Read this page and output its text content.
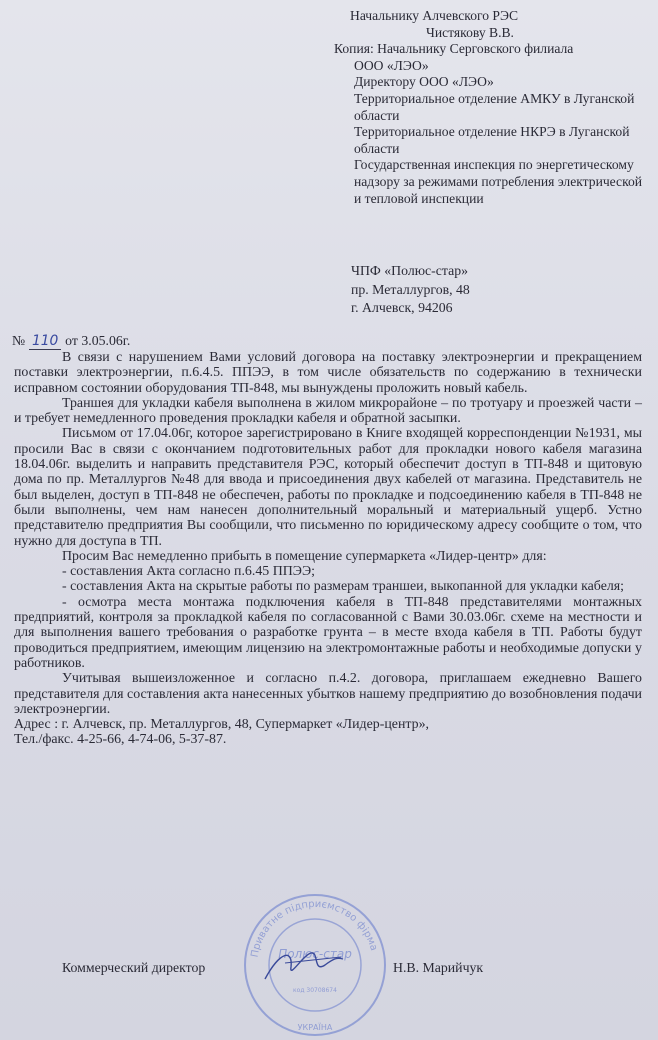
Начальнику Алчевского РЭС
Чистякову В.В.
Копия: Начальнику Серговского филиала
ООО «ЛЭО»
Директору ООО «ЛЭО»
Территориальное отделение АМКУ в Луганской области
Территориальное отделение НКРЭ в Луганской области
Государственная инспекция по энергетическому надзору за режимами потребления электрической и тепловой инспекции
ЧПФ «Полюс-стар»
пр. Металлургов, 48
г. Алчевск, 94206
№ 110 от 3.05.06г.

В связи с нарушением Вами условий договора на поставку электроэнергии и прекращением поставки электроэнергии, п.6.4.5. ППЭЭ, в том числе обязательств по содержанию в технически исправном состоянии оборудования ТП-848, мы вынуждены проложить новый кабель.

Траншея для укладки кабеля выполнена в жилом микрорайоне – по тротуару и проезжей части – и требует немедленного проведения прокладки кабеля и обратной засыпки.

Письмом от 17.04.06г, которое зарегистрировано в Книге входящей корреспонденции №1931, мы просили Вас в связи с окончанием подготовительных работ для прокладки нового кабеля магазина 18.04.06г. выделить и направить представителя РЭС, который обеспечит доступ в ТП-848 и щитовую дома по пр. Металлургов №48 для ввода и присоединения двух кабелей от магазина. Представитель не был выделен, доступ в ТП-848 не обеспечен, работы по прокладке и подсоединению кабеля в ТП-848 не были выполнены, чем нам нанесен дополнительный моральный и материальный ущерб. Устно представителю предприятия Вы сообщили, что письменно по юридическому адресу сообщите о том, что нужно для доступа в ТП.

Просим Вас немедленно прибыть в помещение супермаркета «Лидер-центр» для:

- составления Акта согласно п.6.45 ППЭЭ;

- составления Акта на скрытые работы по размерам траншеи, выкопанной для укладки кабеля;

- осмотра места монтажа подключения кабеля в ТП-848 представителями монтажных предприятий, контроля за прокладкой кабеля по согласованной с Вами 30.03.06г. схеме на местности и для выполнения вашего требования о разработке грунта – в месте входа кабеля в ТП. Работы будут проводиться предприятием, имеющим лицензию на электромонтажные работы и необходимые допуски у работников.

Учитывая вышеизложенное и согласно п.4.2. договора, приглашаем ежедневно Вашего представителя для составления акта нанесенных убытков нашему предприятию до возобновления подачи электроэнергии.

Адрес : г. Алчевск, пр. Металлургов, 48, Супермаркет «Лидер-центр»,

Тел./факс. 4-25-66, 4-74-06, 5-37-87.

Приватне підприємство фірма
Полюс-стар
код 30708674
УКРАЇНА
Коммерческий директор	Н.В. Марийчук
